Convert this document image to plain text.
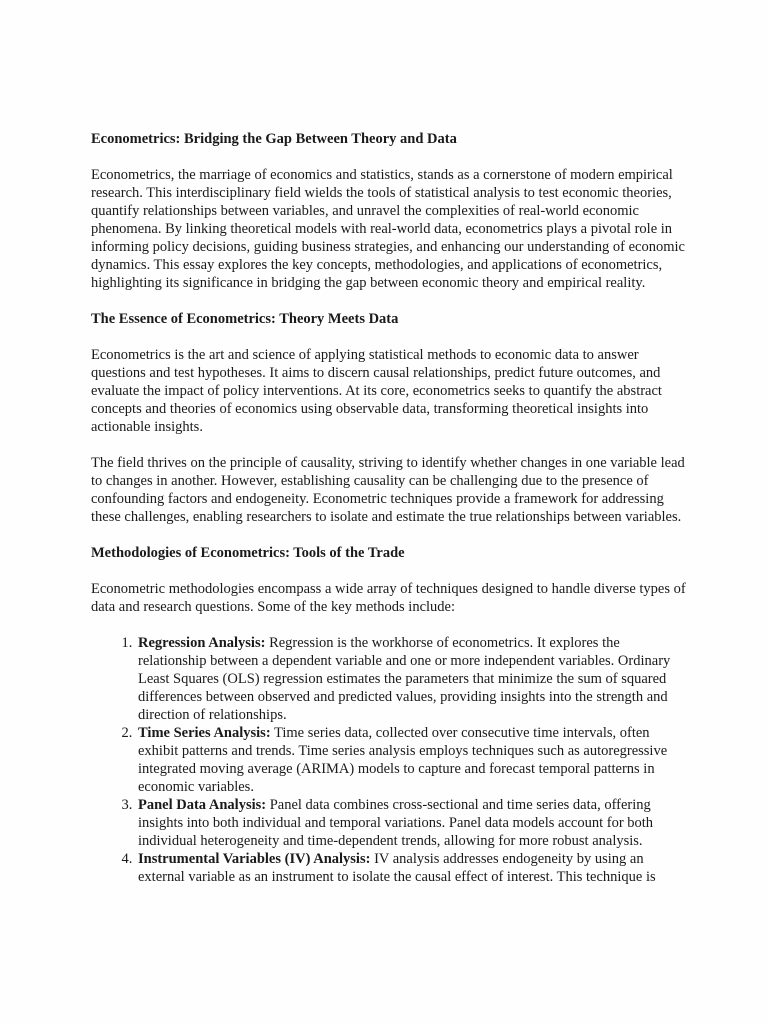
Econometrics: Bridging the Gap Between Theory and Data

Econometrics, the marriage of economics and statistics, stands as a cornerstone of modern empirical research. This interdisciplinary field wields the tools of statistical analysis to test economic theories, quantify relationships between variables, and unravel the complexities of real-world economic phenomena. By linking theoretical models with real-world data, econometrics plays a pivotal role in informing policy decisions, guiding business strategies, and enhancing our understanding of economic dynamics. This essay explores the key concepts, methodologies, and applications of econometrics, highlighting its significance in bridging the gap between economic theory and empirical reality.

The Essence of Econometrics: Theory Meets Data

Econometrics is the art and science of applying statistical methods to economic data to answer questions and test hypotheses. It aims to discern causal relationships, predict future outcomes, and evaluate the impact of policy interventions. At its core, econometrics seeks to quantify the abstract concepts and theories of economics using observable data, transforming theoretical insights into actionable insights.

The field thrives on the principle of causality, striving to identify whether changes in one variable lead to changes in another. However, establishing causality can be challenging due to the presence of confounding factors and endogeneity. Econometric techniques provide a framework for addressing these challenges, enabling researchers to isolate and estimate the true relationships between variables.

Methodologies of Econometrics: Tools of the Trade

Econometric methodologies encompass a wide array of techniques designed to handle diverse types of data and research questions. Some of the key methods include:

1. Regression Analysis: Regression is the workhorse of econometrics. It explores the relationship between a dependent variable and one or more independent variables. Ordinary Least Squares (OLS) regression estimates the parameters that minimize the sum of squared differences between observed and predicted values, providing insights into the strength and direction of relationships.
2. Time Series Analysis: Time series data, collected over consecutive time intervals, often exhibit patterns and trends. Time series analysis employs techniques such as autoregressive integrated moving average (ARIMA) models to capture and forecast temporal patterns in economic variables.
3. Panel Data Analysis: Panel data combines cross-sectional and time series data, offering insights into both individual and temporal variations. Panel data models account for both individual heterogeneity and time-dependent trends, allowing for more robust analysis.
4. Instrumental Variables (IV) Analysis: IV analysis addresses endogeneity by using an external variable as an instrument to isolate the causal effect of interest. This technique is
